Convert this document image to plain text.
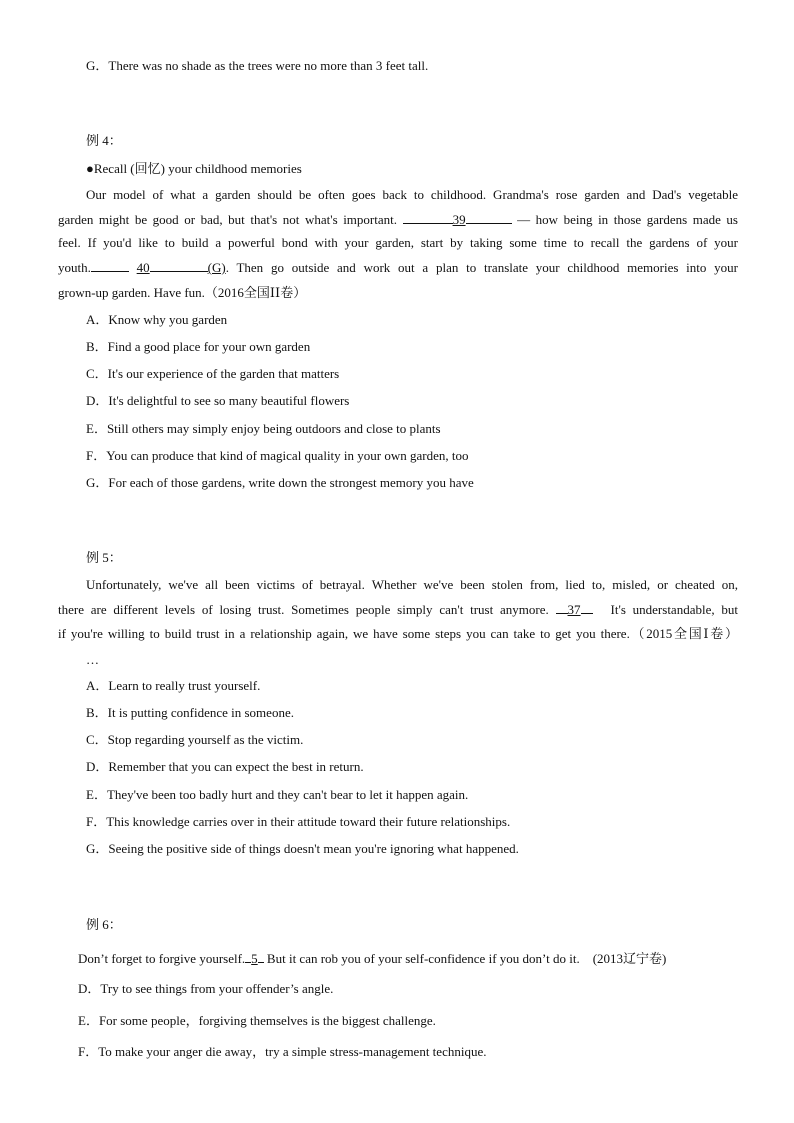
G．There was no shade as the trees were no more than 3 feet tall.
例 4：
●Recall (回忆) your childhood memories
Our model of what a garden should be often goes back to childhood. Grandma's rose garden and Dad's vegetable
garden might be good or bad, but that's not what's important.	39	— how being in those gardens made us
feel. If you'd like to build a powerful bond with your garden, start by taking some time to recall the gardens of your
youth.	40	(G). Then go outside and work out a plan to translate your childhood memories into your
grown-up garden. Have fun.（2016全国ⅠⅠ卷）
A．Know why you garden
B．Find a good place for your own garden
C．It's our experience of the garden that matters
D．It's delightful to see so many beautiful flowers
E．Still others may simply enjoy being outdoors and close to plants
F．You can produce that kind of magical quality in your own garden, too
G．For each of those gardens, write down the strongest memory you have
例 5：
Unfortunately, we've all been victims of betrayal. Whether we've been stolen from, lied to, misled, or cheated on,
there are different levels of losing trust. Sometimes people simply can't trust anymore. 37 It's understandable, but
if you're willing to build trust in a relationship again, we have some steps you can take to get you there.（2015全国Ⅰ卷）
…
A．Learn to really trust yourself.
B．It is putting confidence in someone.
C．Stop regarding yourself as the victim.
D．Remember that you can expect the best in return.
E．They've been too badly hurt and they can't bear to let it happen again.
F．This knowledge carries over in their attitude toward their future relationships.
G．Seeing the positive side of things doesn't mean you're ignoring what happened.
例 6：
Don’t forget to forgive yourself. 5 But it can rob you of your self-confidence if you don’t do it.　(2013辽宁卷)
D．Try to see things from your offender’s angle.
E．For some people，forgiving themselves is the biggest challenge.
F．To make your anger die away，try a simple stress-management technique.
